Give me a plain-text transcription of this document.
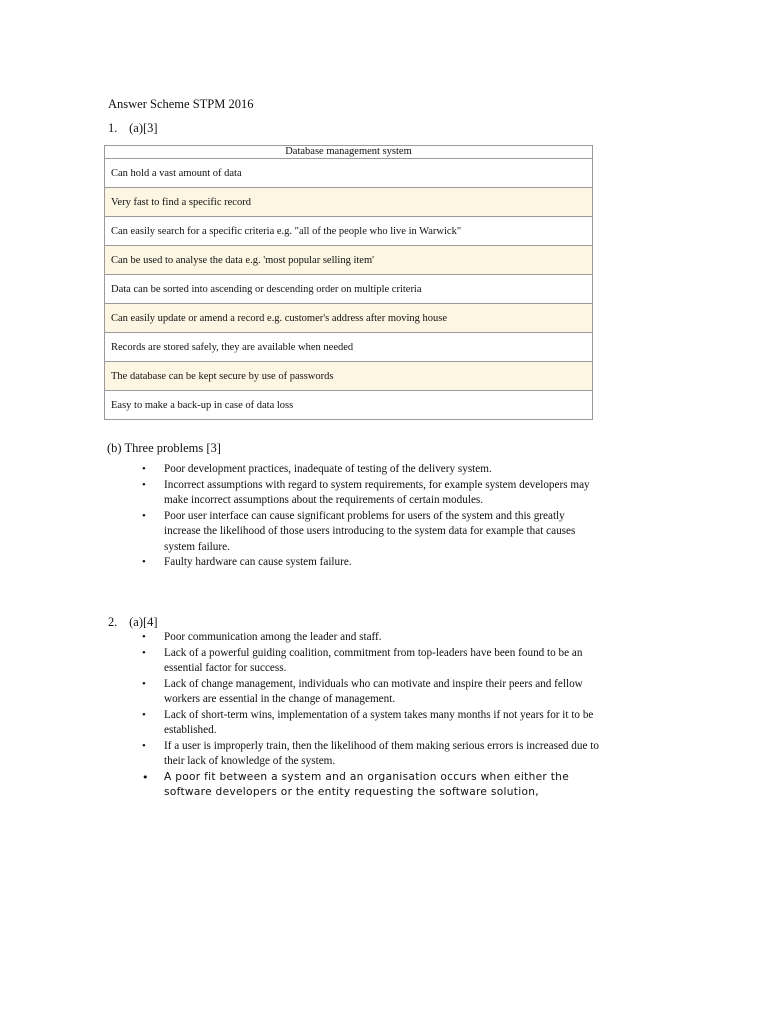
Answer Scheme STPM 2016
1. (a)[3]
Database management system
Can hold a vast amount of data
Very fast to find a specific record
Can easily search for a specific criteria e.g. "all of the people who live in Warwick"
Can be used to analyse the data e.g. 'most popular selling item'
Data can be sorted into ascending or descending order on multiple criteria
Can easily update or amend a record e.g. customer's address after moving house
Records are stored safely, they are available when needed
The database can be kept secure by use of passwords
Easy to make a back-up in case of data loss
(b) Three problems [3]
• Poor development practices, inadequate of testing of the delivery system.
• Incorrect assumptions with regard to system requirements, for example system developers may make incorrect assumptions about the requirements of certain modules.
• Poor user interface can cause significant problems for users of the system and this greatly increase the likelihood of those users introducing to the system data for example that causes system failure.
• Faulty hardware can cause system failure.
2. (a)[4]
• Poor communication among the leader and staff.
• Lack of a powerful guiding coalition, commitment from top-leaders have been found to be an essential factor for success.
• Lack of change management, individuals who can motivate and inspire their peers and fellow workers are essential in the change of management.
• Lack of short-term wins, implementation of a system takes many months if not years for it to be established.
• If a user is improperly train, then the likelihood of them making serious errors is increased due to their lack of knowledge of the system.
• A poor fit between a system and an organisation occurs when either the software developers or the entity requesting the software solution,
